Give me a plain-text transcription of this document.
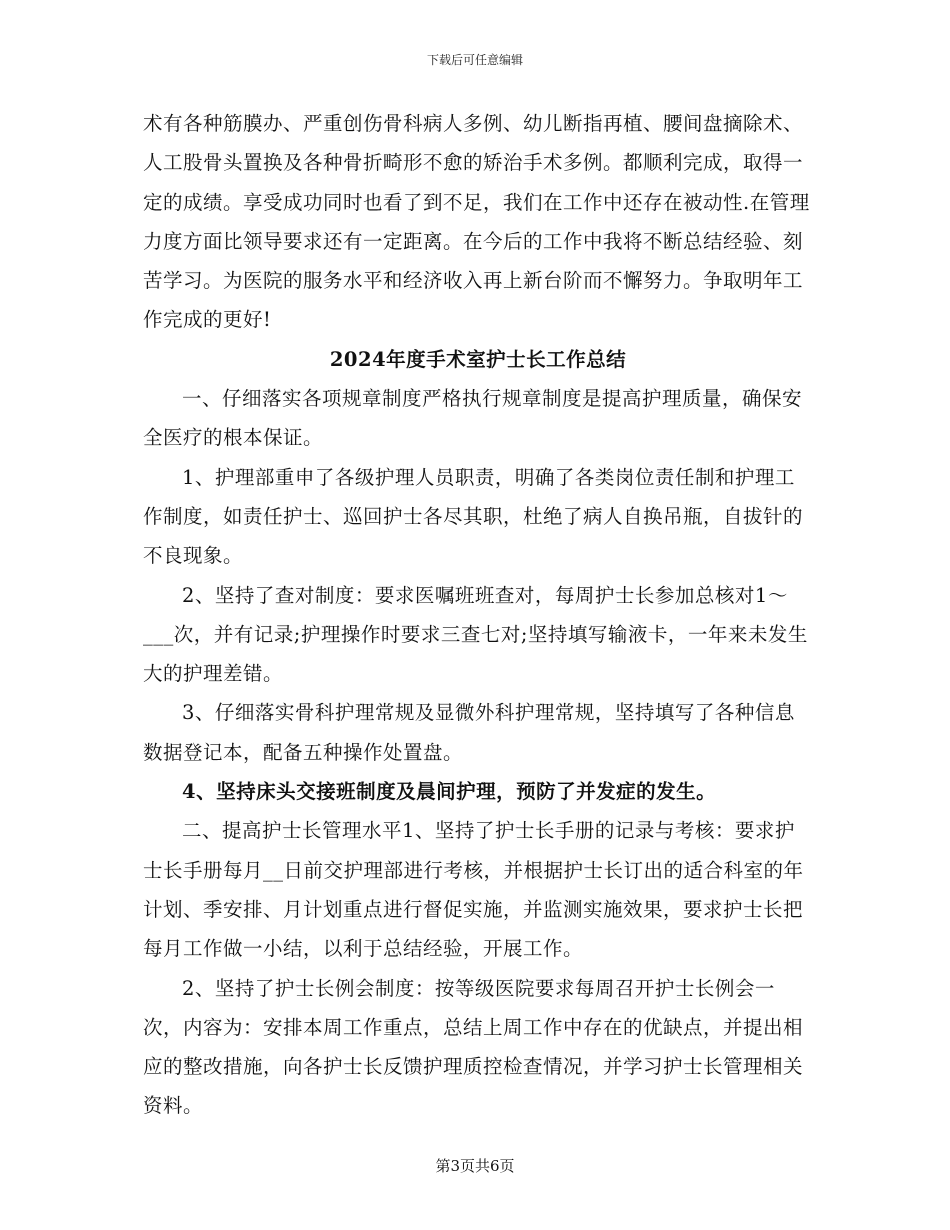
下载后可任意编辑

术有各种筋膜办、严重创伤骨科病人多例、幼儿断指再植、腰间盘摘除术、人工股骨头置换及各种骨折畸形不愈的矫治手术多例。都顺利完成，取得一定的成绩。享受成功同时也看了到不足，我们在工作中还存在被动性.在管理力度方面比领导要求还有一定距离。在今后的工作中我将不断总结经验、刻苦学习。为医院的服务水平和经济收入再上新台阶而不懈努力。争取明年工作完成的更好!

2024年度手术室护士长工作总结

一、仔细落实各项规章制度严格执行规章制度是提高护理质量，确保安全医疗的根本保证。

1、护理部重申了各级护理人员职责，明确了各类岗位责任制和护理工作制度，如责任护士、巡回护士各尽其职，杜绝了病人自换吊瓶，自拔针的不良现象。

2、坚持了查对制度：要求医嘱班班查对，每周护士长参加总核对1～___次，并有记录;护理操作时要求三查七对;坚持填写输液卡，一年来未发生大的护理差错。

3、仔细落实骨科护理常规及显微外科护理常规，坚持填写了各种信息数据登记本，配备五种操作处置盘。

4、坚持床头交接班制度及晨间护理，预防了并发症的发生。

二、提高护士长管理水平1、坚持了护士长手册的记录与考核：要求护士长手册每月__日前交护理部进行考核，并根据护士长订出的适合科室的年计划、季安排、月计划重点进行督促实施，并监测实施效果，要求护士长把每月工作做一小结，以利于总结经验，开展工作。

2、坚持了护士长例会制度：按等级医院要求每周召开护士长例会一次，内容为：安排本周工作重点，总结上周工作中存在的优缺点，并提出相应的整改措施，向各护士长反馈护理质控检查情况，并学习护士长管理相关资料。

第3页共6页
